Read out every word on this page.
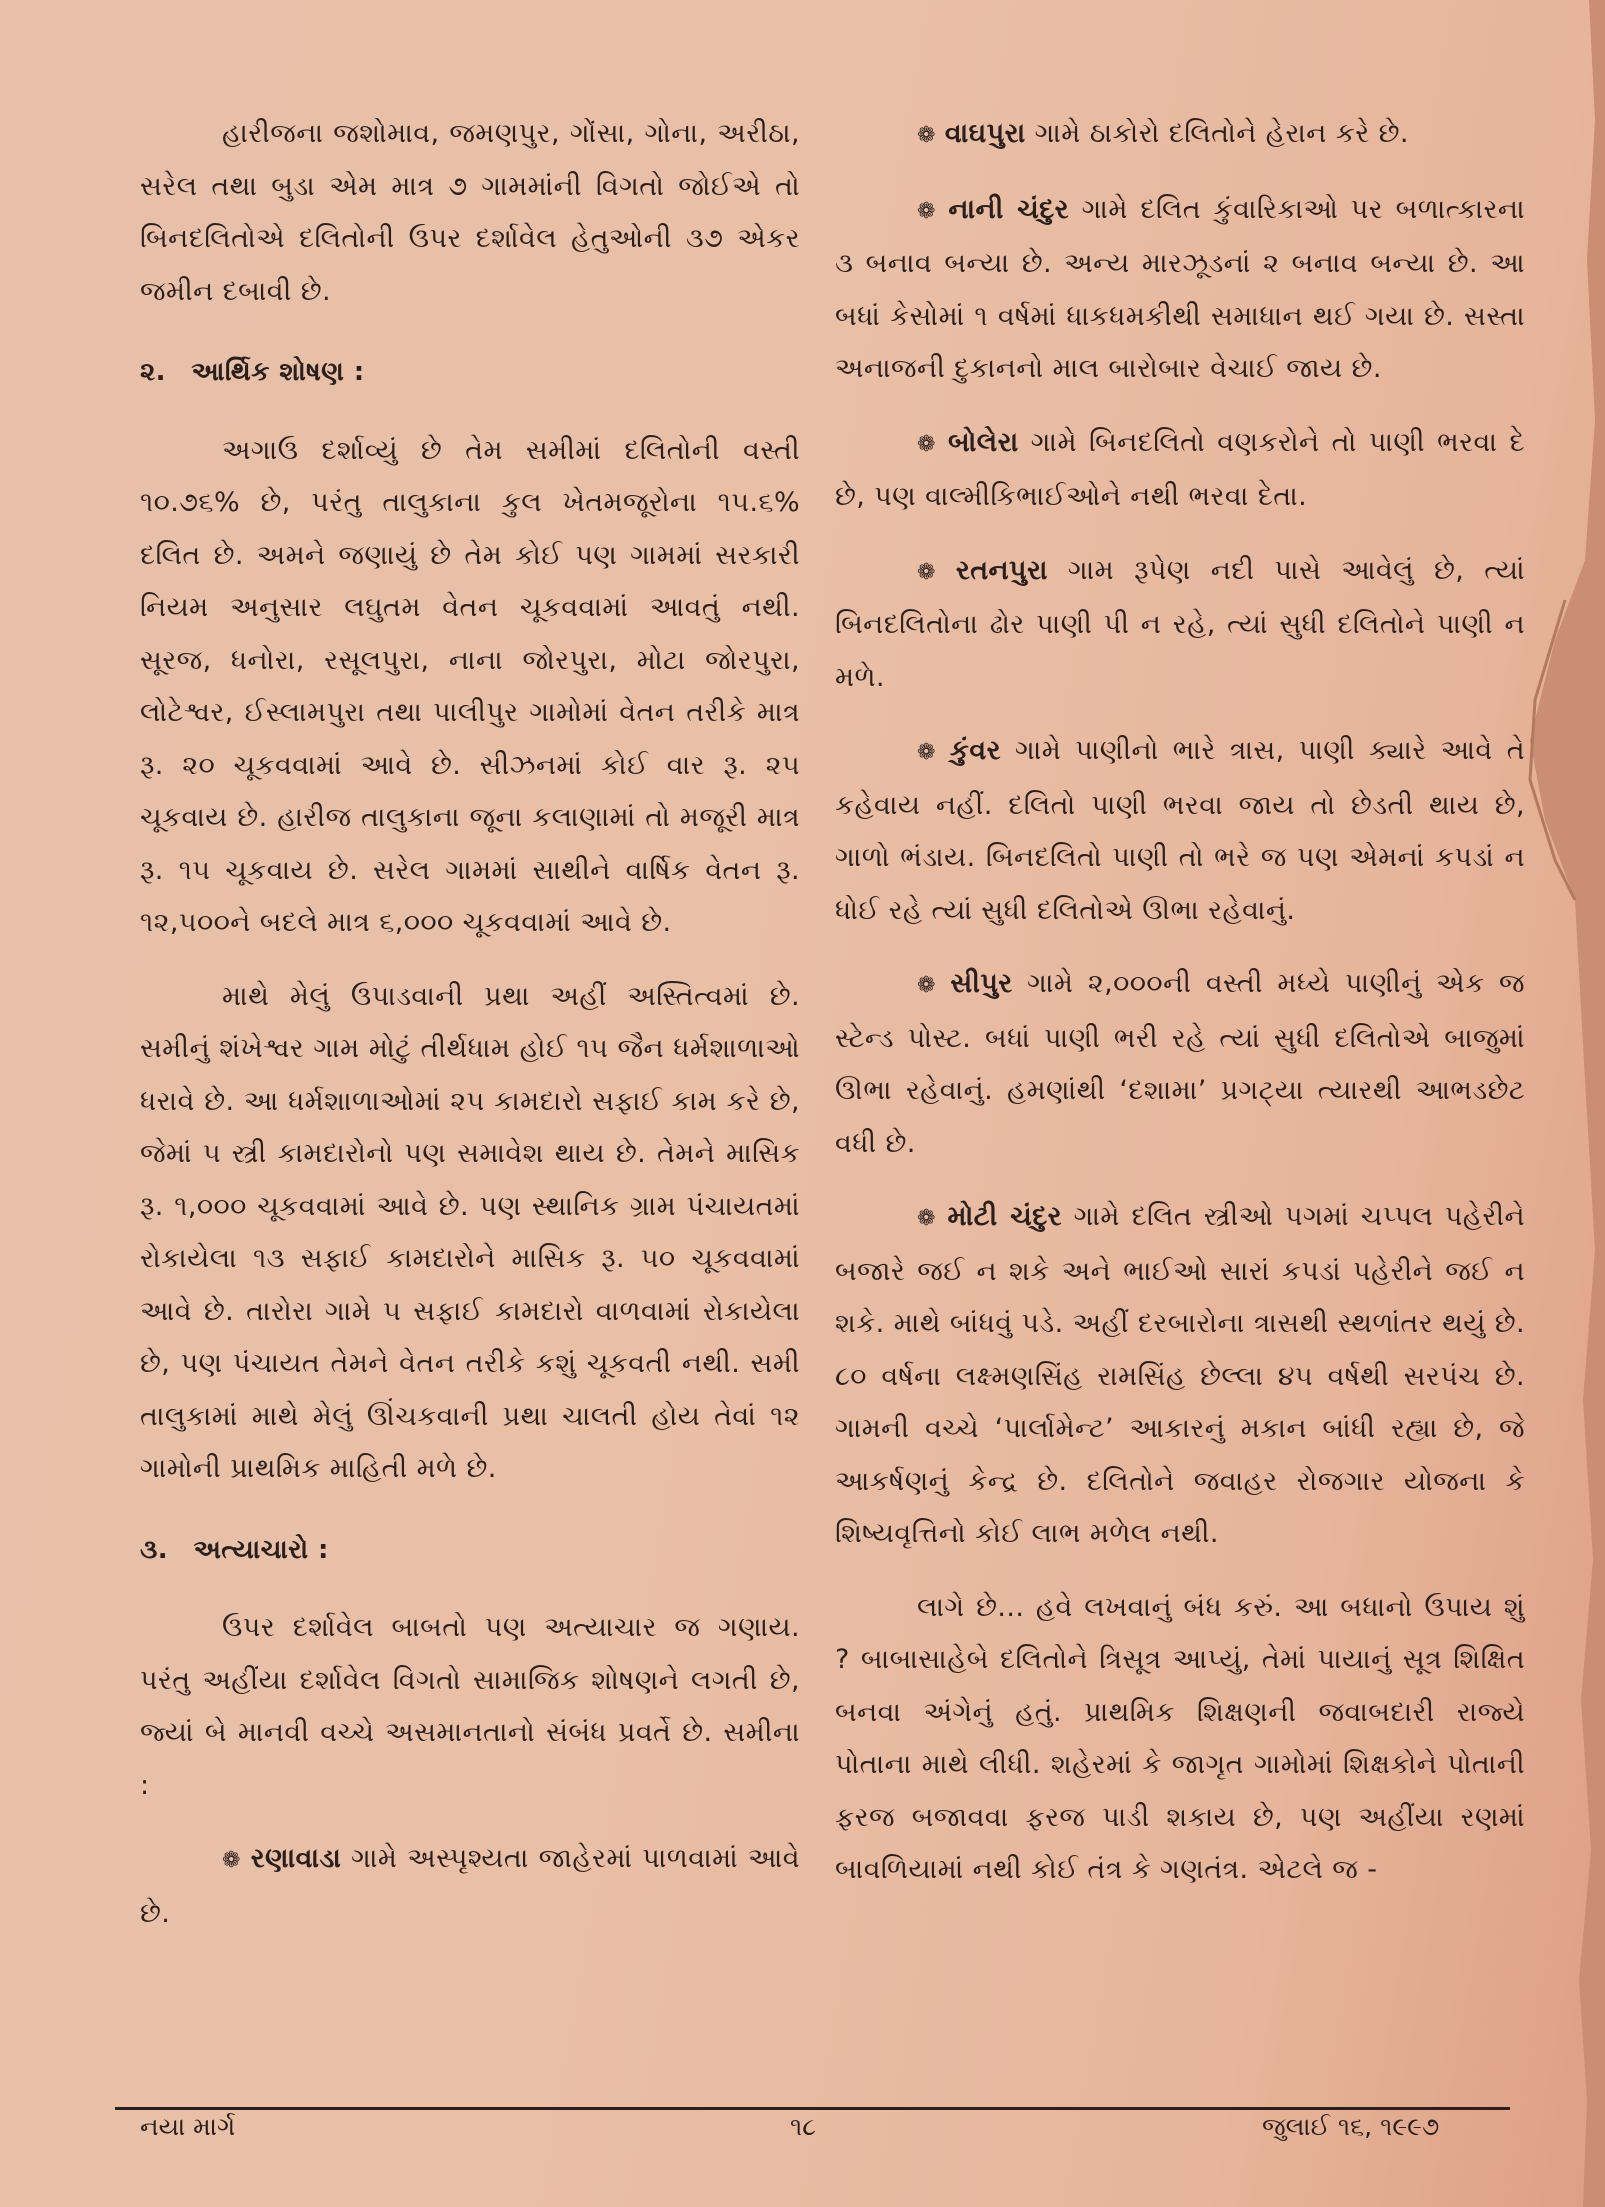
હારીજના જશોમાવ, જમણપુર, ગોંસા, ગોના, અરીઠા, સરેલ તથા બુડા એમ માત્ર ૭ ગામમાંની વિગતો જોઈએ તો બિનદલિતોએ દલિતોની ઉપર દર્શાવેલ હેતુઓની ૩૭ એકર જમીન દબાવી છે.

૨. આર્થિક શોષણ :

અગાઉ દર્શાવ્યું છે તેમ સમીમાં દલિતોની વસ્તી ૧૦.૭૬% છે, પરંતુ તાલુકાના કુલ ખેતમજૂરોના ૧૫.૬% દલિત છે. અમને જણાયું છે તેમ કોઈ પણ ગામમાં સરકારી નિયમ અનુસાર લઘુતમ વેતન ચૂકવવામાં આવતું નથી. સૂરજ, ધનોરા, રસૂલપુરા, નાના જોરપુરા, મોટા જોરપુરા, લોટેશ્વર, ઈસ્લામપુરા તથા પાલીપુર ગામોમાં વેતન તરીકે માત્ર રૂ. ૨૦ ચૂકવવામાં આવે છે. સીઝનમાં કોઈ વાર રૂ. ૨૫ ચૂકવાય છે. હારીજ તાલુકાના જૂના કલાણામાં તો મજૂરી માત્ર રૂ. ૧૫ ચૂકવાય છે. સરેલ ગામમાં સાથીને વાર્ષિક વેતન રૂ. ૧૨,૫૦૦ને બદલે માત્ર ૬,૦૦૦ ચૂકવવામાં આવે છે.

માથે મેલું ઉપાડવાની પ્રથા અહીં અસ્તિત્વમાં છે. સમીનું શંખેશ્વર ગામ મોટું તીર્થધામ હોઈ ૧૫ જૈન ધર્મશાળાઓ ધરાવે છે. આ ધર્મશાળાઓમાં ૨૫ કામદારો સફાઈ કામ કરે છે, જેમાં ૫ સ્ત્રી કામદારોનો પણ સમાવેશ થાય છે. તેમને માસિક રૂ. ૧,૦૦૦ ચૂકવવામાં આવે છે. પણ સ્થાનિક ગ્રામ પંચાયતમાં રોકાયેલા ૧૩ સફાઈ કામદારોને માસિક રૂ. ૫૦ ચૂકવવામાં આવે છે. તારોરા ગામે ૫ સફાઈ કામદારો વાળવામાં રોકાયેલા છે, પણ પંચાયત તેમને વેતન તરીકે કશું ચૂકવતી નથી. સમી તાલુકામાં માથે મેલું ઊંચકવાની પ્રથા ચાલતી હોય તેવાં ૧૨ ગામોની પ્રાથમિક માહિતી મળે છે.

૩. અત્યાચારો :

ઉપર દર્શાવેલ બાબતો પણ અત્યાચાર જ ગણાય. પરંતુ અહીંયા દર્શાવેલ વિગતો સામાજિક શોષણને લગતી છે, જ્યાં બે માનવી વચ્ચે અસમાનતાનો સંબંધ પ્રવર્તે છે. સમીના :

❁ રણાવાડા ગામે અસ્પૃશ્યતા જાહેરમાં પાળવામાં આવે છે.

❁ વાઘપુરા ગામે ઠાકોરો દલિતોને હેરાન કરે છે.

❁ નાની ચંદુર ગામે દલિત કુંવારિકાઓ પર બળાત્કારના ૩ બનાવ બન્યા છે. અન્ય મારઝૂડનાં ૨ બનાવ બન્યા છે. આ બધાં કેસોમાં ૧ વર્ષમાં ધાકધમકીથી સમાધાન થઈ ગયા છે. સસ્તા અનાજની દુકાનનો માલ બારોબાર વેચાઈ જાય છે.

❁ બોલેરા ગામે બિનદલિતો વણકરોને તો પાણી ભરવા દે છે, પણ વાલ્મીકિભાઈઓને નથી ભરવા દેતા.

❁ રતનપુરા ગામ રૂપેણ નદી પાસે આવેલું છે, ત્યાં બિનદલિતોના ઢોર પાણી પી ન રહે, ત્યાં સુધી દલિતોને પાણી ન મળે.

❁ કુંવર ગામે પાણીનો ભારે ત્રાસ, પાણી ક્યારે આવે તે કહેવાય નહીં. દલિતો પાણી ભરવા જાય તો છેડતી થાય છે, ગાળો ભંડાય. બિનદલિતો પાણી તો ભરે જ પણ એમનાં કપડાં ન ધોઈ રહે ત્યાં સુધી દલિતોએ ઊભા રહેવાનું.

❁ સીપુર ગામે ૨,૦૦૦ની વસ્તી મધ્યે પાણીનું એક જ સ્ટેન્ડ પોસ્ટ. બધાં પાણી ભરી રહે ત્યાં સુધી દલિતોએ બાજુમાં ઊભા રહેવાનું. હમણાંથી ‘દશામા’ પ્રગટ્યા ત્યારથી આભડછેટ વધી છે.

❁ મોટી ચંદુર ગામે દલિત સ્ત્રીઓ પગમાં ચપ્પલ પહેરીને બજારે જઈ ન શકે અને ભાઈઓ સારાં કપડાં પહેરીને જઈ ન શકે. માથે બાંધવું પડે. અહીં દરબારોના ત્રાસથી સ્થળાંતર થયું છે. ૮૦ વર્ષના લક્ષ્મણસિંહ રામસિંહ છેલ્લા ૪૫ વર્ષથી સરપંચ છે. ગામની વચ્ચે ‘પાર્લામેન્ટ’ આકારનું મકાન બાંધી રહ્યા છે, જે આકર્ષણનું કેન્દ્ર છે. દલિતોને જવાહર રોજગાર યોજના કે શિષ્યવૃત્તિનો કોઈ લાભ મળેલ નથી.

લાગે છે... હવે લખવાનું બંધ કરું. આ બધાનો ઉપાય શું ? બાબાસાહેબે દલિતોને ત્રિસૂત્ર આપ્યું, તેમાં પાયાનું સૂત્ર શિક્ષિત બનવા અંગેનું હતું. પ્રાથમિક શિક્ષણની જવાબદારી રાજ્યે પોતાના માથે લીધી. શહેરમાં કે જાગૃત ગામોમાં શિક્ષકોને પોતાની ફરજ બજાવવા ફરજ પાડી શકાય છે, પણ અહીંયા રણમાં બાવળિયામાં નથી કોઈ તંત્ર કે ગણતંત્ર. એટલે જ -

નયા માર્ગ	૧૮	જુલાઈ ૧૬, ૧૯૯૭
